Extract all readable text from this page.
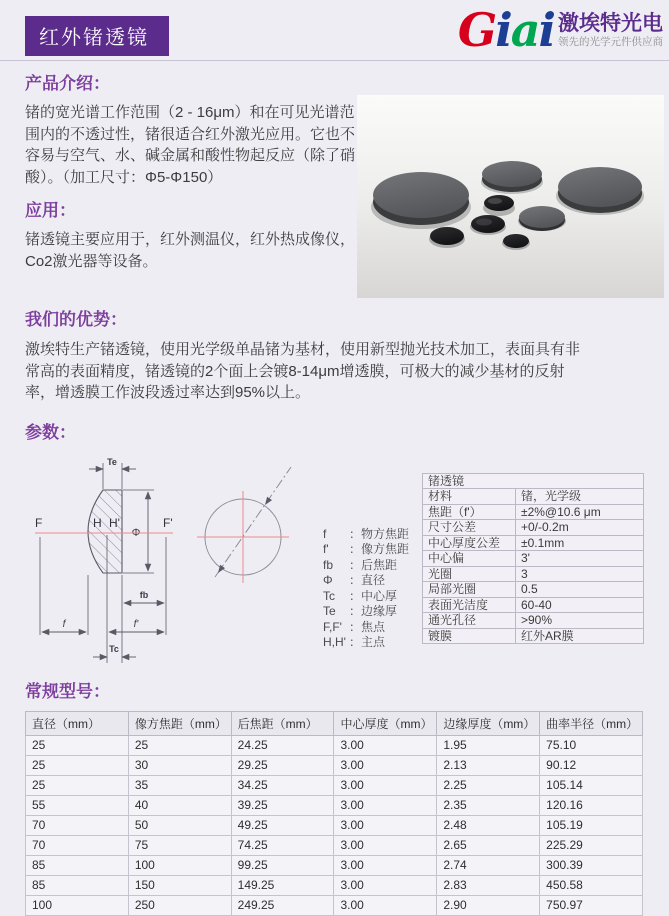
红外锗透镜	Giai 激埃特光电
领先的光学元件供应商
产品介绍：

锗的宽光谱工作范围（2 - 16μm）和在可见光谱范围内的不透过性，锗很适合红外激光应用。它也不容易与空气、水、碱金属和酸性物起反应（除了硝酸）。（加工尺寸：Φ5-Φ150）

应用：

锗透镜主要应用于，红外测温仪，红外热成像仪，Co2激光器等设备。

我们的优势：

激埃特生产锗透镜，使用光学级单晶锗为基材，使用新型抛光技术加工，表面具有非常高的表面精度，锗透镜的2个面上会镀8-14μm增透膜，可极大的减少基材的反射率，增透膜工作波段透过率达到95%以上。

参数：
Te
Φ
F	H H'	F'
fb
f	f'
Tc
f	：物方焦距
f'	：像方焦距
fb	：后焦距
Φ	：直径
Tc	：中心厚
Te	：边缘厚
F,F' ：焦点
H,H' ：主点
锗透镜	
材料	锗，光学级
焦距（f'）	±2%@10.6 μm
尺寸公差	+0/-0.2m
中心厚度公差	±0.1mm
中心偏	3'
光圈	3
局部光圈	0.5
表面光洁度	60-40
通光孔径	>90%
镀膜	红外AR膜
常规型号：
直径（mm）	像方焦距（mm）	后焦距（mm）	中心厚度（mm）	边缘厚度（mm）	曲率半径（mm）
25	25	24.25	3.00	1.95	75.10
25	30	29.25	3.00	2.13	90.12
25	35	34.25	3.00	2.25	105.14
55	40	39.25	3.00	2.35	120.16
70	50	49.25	3.00	2.48	105.19
70	75	74.25	3.00	2.65	225.29
85	100	99.25	3.00	2.74	300.39
85	150	149.25	3.00	2.83	450.58
100	250	249.25	3.00	2.90	750.97
